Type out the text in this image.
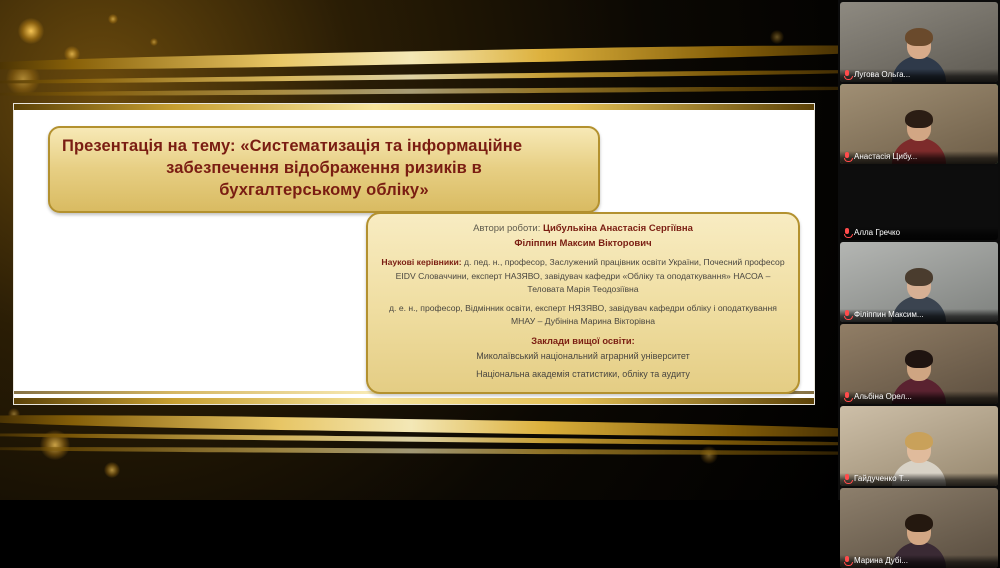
Презентація на тему: «Систематизація та інформаційне
забезпечення відображення ризиків в
бухгалтерському обліку»
Автори роботи: Цибулькіна Анастасія Сергіївна
Філіппин Максим Вікторович
Наукові керівники: д. пед. н., професор, Заслужений працівник освіти України, Почесний професор EIDV Словаччини, експерт НАЗЯВО, завідувач кафедри «Обліку та оподаткування» НАСОА – Теловата Марія Теодозіївна
д. е. н., професор, Відмінник освіти, експерт НЯЗЯВО, завідувач кафедри обліку і оподаткування МНАУ – Дубініна Марина Вікторівна
Заклади вищої освіти:
Миколаївський національний аграрний університет
Національна академія статистики, обліку та аудиту
Лугова Ольга...
Анастасія Цибу...
Алла Гречко
Філіппин Максим...
Альбіна Орел...
Гайдученко Т...
Марина Дубі...
